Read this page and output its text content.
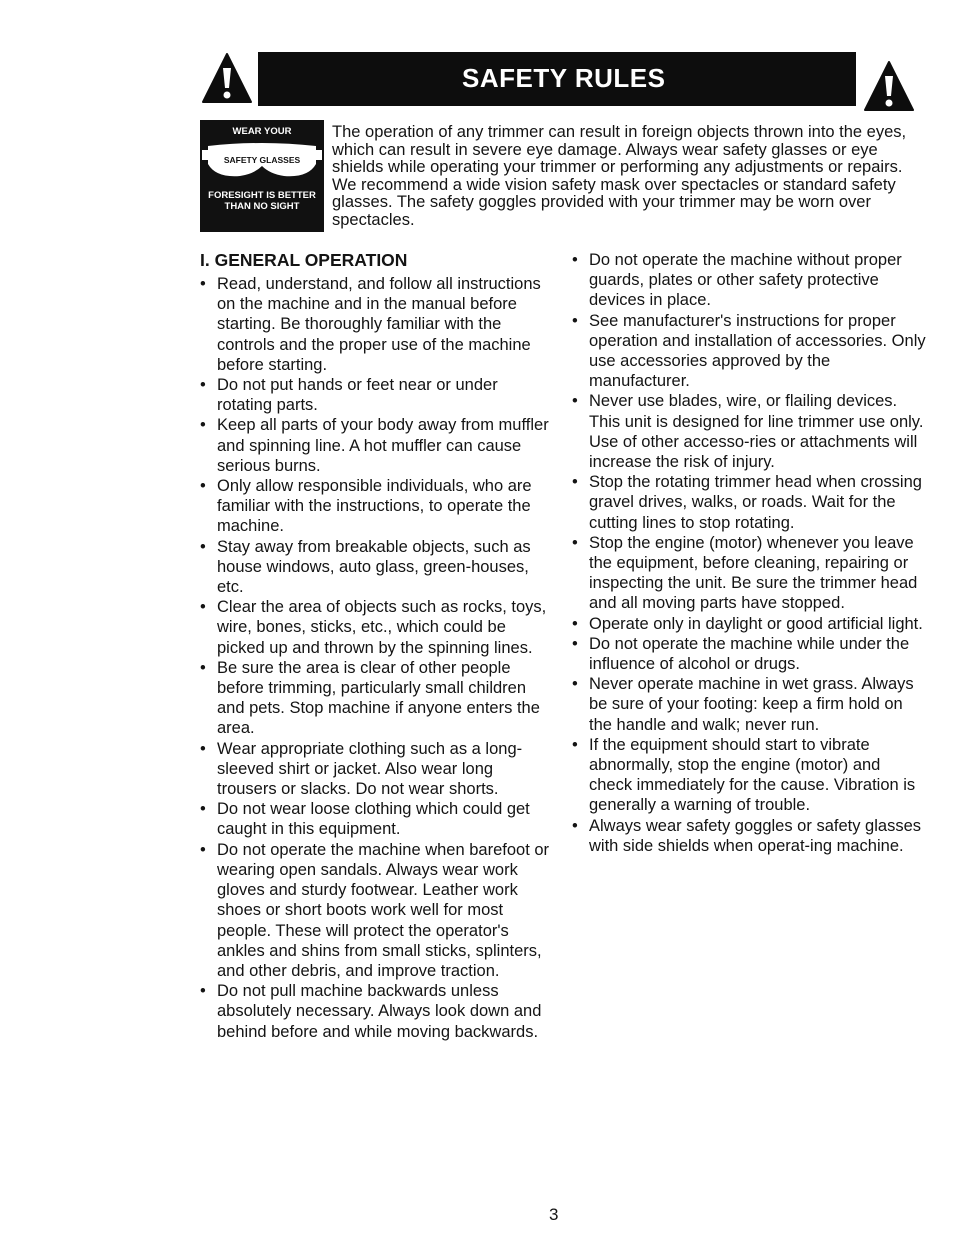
SAFETY RULES
WEAR YOUR
SAFETY GLASSES
FORESIGHT IS BETTER
THAN NO SIGHT

The operation of any trimmer can result in foreign objects thrown into the eyes, which can result in severe eye damage. Always wear safety glasses or eye shields while operating your trimmer or performing any adjustments or repairs. We recommend a wide vision safety mask over spectacles or standard safety glasses. The safety goggles provided with your trimmer may be worn over spectacles.

I. GENERAL OPERATION
• Read, understand, and follow all instructions on the machine and in the manual before starting. Be thoroughly familiar with the controls and the proper use of the machine before starting.
• Do not put hands or feet near or under rotating parts.
• Keep all parts of your body away from muffler and spinning line. A hot muffler can cause serious burns.
• Only allow responsible individuals, who are familiar with the instructions, to operate the machine.
• Stay away from breakable objects, such as house windows, auto glass, green-houses, etc.
• Clear the area of objects such as rocks, toys, wire, bones, sticks, etc., which could be picked up and thrown by the spinning lines.
• Be sure the area is clear of other people before trimming, particularly small children and pets. Stop machine if anyone enters the area.
• Wear appropriate clothing such as a long-sleeved shirt or jacket. Also wear long trousers or slacks. Do not wear shorts.
• Do not wear loose clothing which could get caught in this equipment.
• Do not operate the machine when barefoot or wearing open sandals. Always wear work gloves and sturdy footwear. Leather work shoes or short boots work well for most people. These will protect the operator's ankles and shins from small sticks, splinters, and other debris, and improve traction.
• Do not pull machine backwards unless absolutely necessary. Always look down and behind before and while moving backwards.
• Do not operate the machine without proper guards, plates or other safety protective devices in place.
• See manufacturer's instructions for proper operation and installation of accessories. Only use accessories approved by the manufacturer.
• Never use blades, wire, or flailing devices. This unit is designed for line trimmer use only. Use of other accesso-ries or attachments will increase the risk of injury.
• Stop the rotating trimmer head when crossing gravel drives, walks, or roads. Wait for the cutting lines to stop rotating.
• Stop the engine (motor) whenever you leave the equipment, before cleaning, repairing or inspecting the unit. Be sure the trimmer head and all moving parts have stopped.
• Operate only in daylight or good artificial light.
• Do not operate the machine while under the influence of alcohol or drugs.
• Never operate machine in wet grass. Always be sure of your footing: keep a firm hold on the handle and walk; never run.
• If the equipment should start to vibrate abnormally, stop the engine (motor) and check immediately for the cause. Vibration is generally a warning of trouble.
• Always wear safety goggles or safety glasses with side shields when operat-ing machine.
3
